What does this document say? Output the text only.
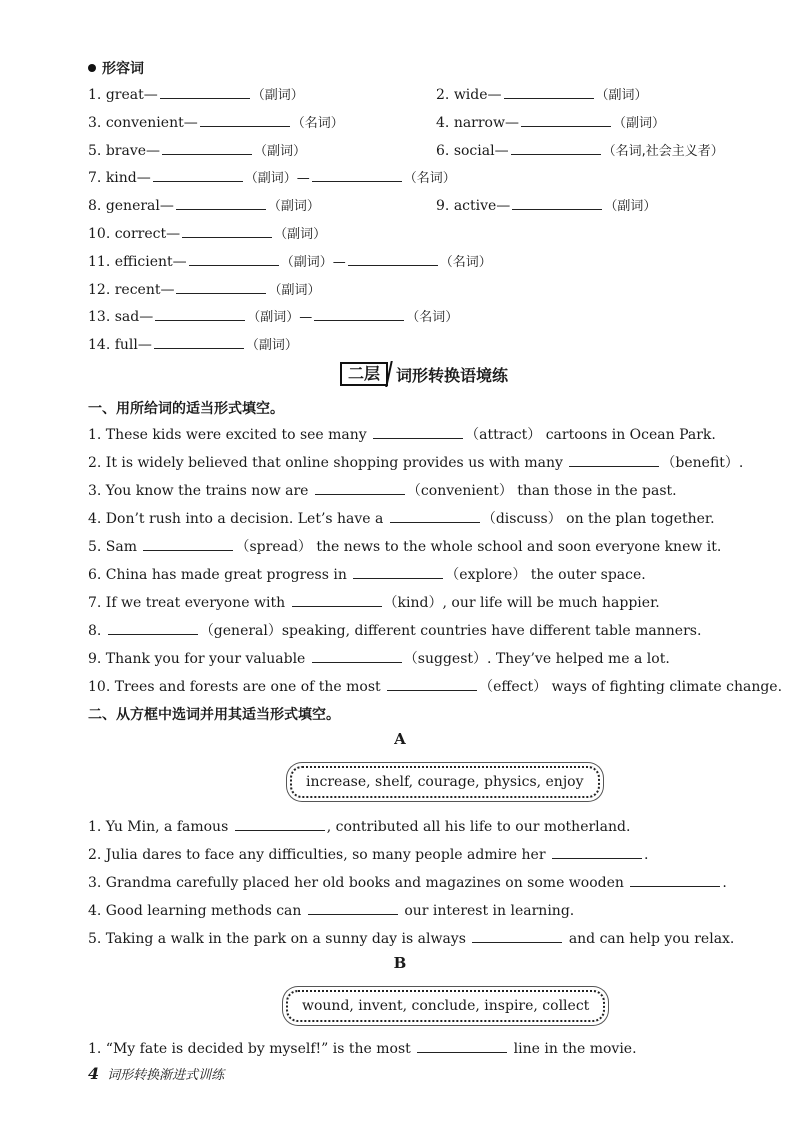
形容词
1. great—	（副词）	2. wide—	（副词）
3. convenient—	（名词）	4. narrow—	（副词）
5. brave—	（副词）	6. social—	（名词,社会主义者）
7. kind—	（副词）—	（名词）
8. general—	（副词）	9. active—	（副词）
10. correct—	（副词）
11. efficient—	（副词）—	（名词）
12. recent—	（副词）
13. sad—	（副词）—	（名词）
14. full—	（副词）
二层	词形转换语境练
一、用所给词的适当形式填空。
1. These kids were excited to see many	（attract） cartoons in Ocean Park.
2. It is widely believed that online shopping provides us with many	（benefit）.
3. You know the trains now are	（convenient） than those in the past.
4. Don’t rush into a decision. Let’s have a	（discuss） on the plan together.
5. Sam	（spread） the news to the whole school and soon everyone knew it.
6. China has made great progress in	（explore） the outer space.
7. If we treat everyone with	（kind）, our life will be much happier.
8.	（general）speaking, different countries have different table manners.
9. Thank you for your valuable	（suggest）. They’ve helped me a lot.
10. Trees and forests are one of the most	（effect） ways of fighting climate change.
二、从方框中选词并用其适当形式填空。
A
increase, shelf, courage, physics, enjoy
1. Yu Min, a famous	, contributed all his life to our motherland.
2. Julia dares to face any difficulties, so many people admire her	.
3. Grandma carefully placed her old books and magazines on some wooden	.
4. Good learning methods can	our interest in learning.
5. Taking a walk in the park on a sunny day is always	and can help you relax.
B
wound, invent, conclude, inspire, collect
1. “My fate is decided by myself!” is the most	line in the movie.
4 词形转换渐进式训练
